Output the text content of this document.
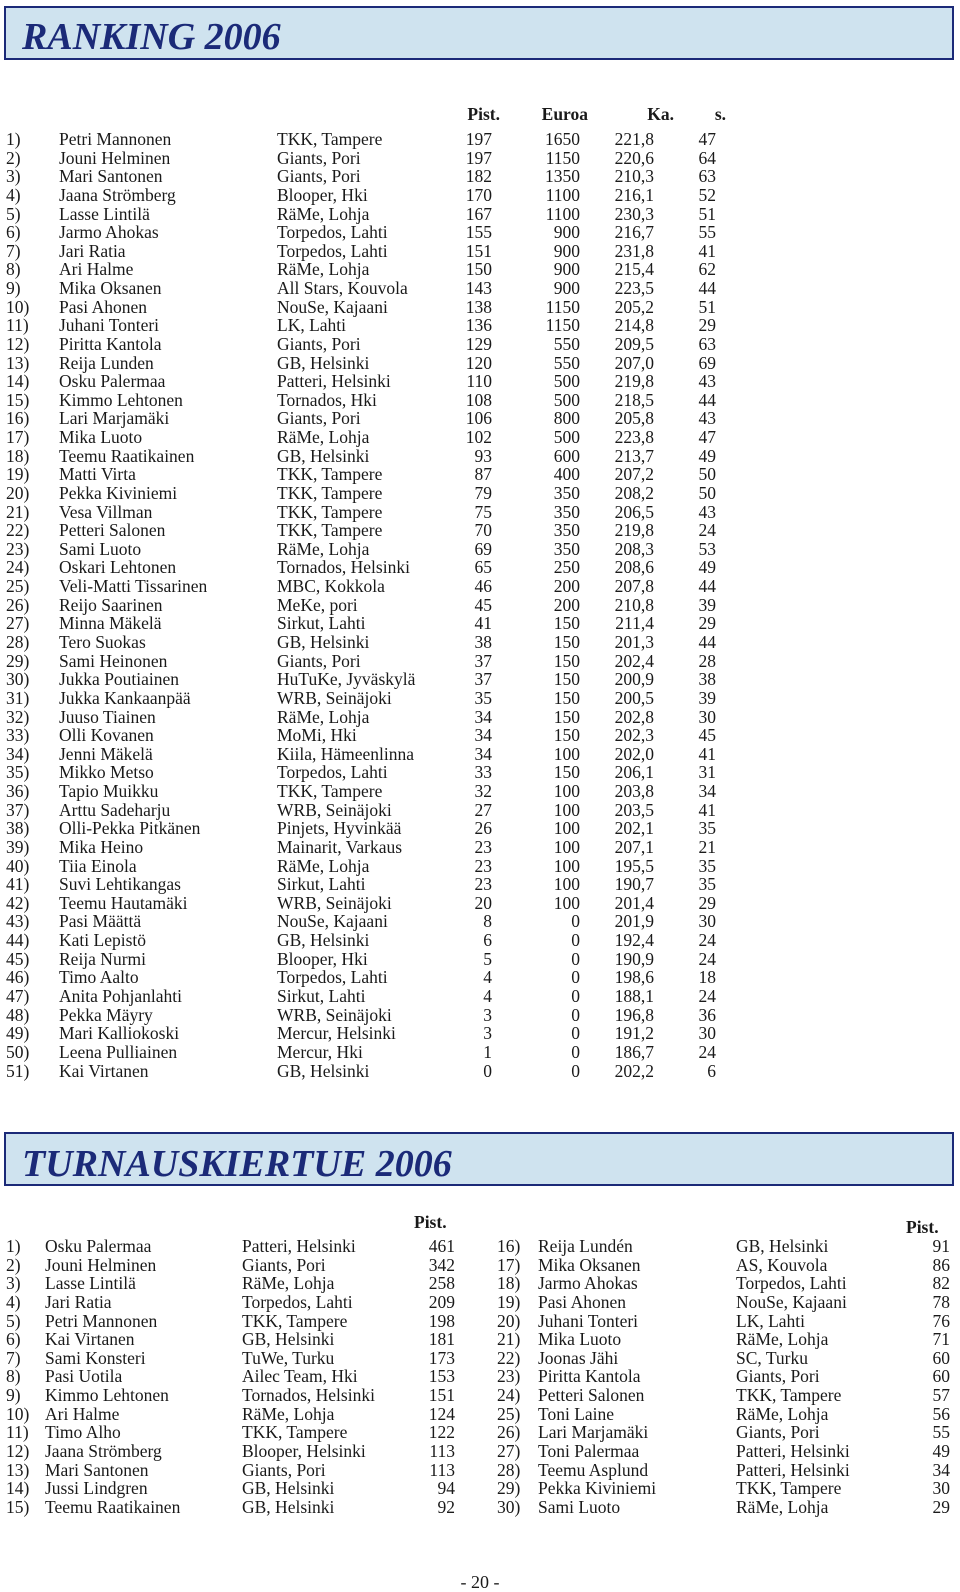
RANKING 2006
Pist. Euroa	Ka. s.
1) Petri Mannonen	TKK, Tampere	197	1650 221,8	47
2) Jouni Helminen	Giants, Pori	197	1150 220,6	64
3) Mari Santonen	Giants, Pori	182	1350 210,3	63
4) Jaana Strömberg	Blooper, Hki	170	1100 216,1	52
5) Lasse Lintilä	RäMe, Lohja	167	1100 230,3	51
6) Jarmo Ahokas	Torpedos, Lahti	155	900 216,7	55
7) Jari Ratia	Torpedos, Lahti	151	900 231,8	41
8) Ari Halme	RäMe, Lohja	150	900 215,4	62
9) Mika Oksanen	All Stars, Kouvola	143	900 223,5	44
10) Pasi Ahonen	NouSe, Kajaani	138	1150 205,2	51
11) Juhani Tonteri	LK, Lahti	136	1150 214,8	29
12) Piritta Kantola	Giants, Pori	129	550 209,5	63
13) Reija Lunden	GB, Helsinki	120	550 207,0	69
14) Osku Palermaa	Patteri, Helsinki	110	500 219,8	43
15) Kimmo Lehtonen	Tornados, Hki	108	500 218,5	44
16) Lari Marjamäki	Giants, Pori	106	800 205,8	43
17) Mika Luoto	RäMe, Lohja	102	500 223,8	47
18) Teemu Raatikainen	GB, Helsinki	93	600 213,7	49
19) Matti Virta	TKK, Tampere	87	400 207,2	50
20) Pekka Kiviniemi	TKK, Tampere	79	350 208,2	50
21) Vesa Villman	TKK, Tampere	75	350 206,5	43
22) Petteri Salonen	TKK, Tampere	70	350 219,8	24
23) Sami Luoto	RäMe, Lohja	69	350 208,3	53
24) Oskari Lehtonen	Tornados, Helsinki	65	250 208,6	49
25) Veli-Matti Tissarinen	MBC, Kokkola	46	200 207,8	44
26) Reijo Saarinen	MeKe, pori	45	200 210,8	39
27) Minna Mäkelä	Sirkut, Lahti	41	150 211,4	29
28) Tero Suokas	GB, Helsinki	38	150 201,3	44
29) Sami Heinonen	Giants, Pori	37	150 202,4	28
30) Jukka Poutiainen	HuTuKe, Jyväskylä	37	150 200,9	38
31) Jukka Kankaanpää	WRB, Seinäjoki	35	150 200,5	39
32) Juuso Tiainen	RäMe, Lohja	34	150 202,8	30
33) Olli Kovanen	MoMi, Hki	34	150 202,3	45
34) Jenni Mäkelä	Kiila, Hämeenlinna	34	100 202,0	41
35) Mikko Metso	Torpedos, Lahti	33	150 206,1	31
36) Tapio Muikku	TKK, Tampere	32	100 203,8	34
37) Arttu Sadeharju	WRB, Seinäjoki	27	100 203,5	41
38) Olli-Pekka Pitkänen	Pinjets, Hyvinkää	26	100 202,1	35
39) Mika Heino	Mainarit, Varkaus	23	100 207,1	21
40) Tiia Einola	RäMe, Lohja	23	100 195,5	35
41) Suvi Lehtikangas	Sirkut, Lahti	23	100 190,7	35
42) Teemu Hautamäki	WRB, Seinäjoki	20	100 201,4	29
43) Pasi Määttä	NouSe, Kajaani	8	0 201,9	30
44) Kati Lepistö	GB, Helsinki	6	0 192,4	24
45) Reija Nurmi	Blooper, Hki	5	0 190,9	24
46) Timo Aalto	Torpedos, Lahti	4	0 198,6	18
47) Anita Pohjanlahti	Sirkut, Lahti	4	0 188,1	24
48) Pekka Mäyry	WRB, Seinäjoki	3	0 196,8	36
49) Mari Kalliokoski	Mercur, Helsinki	3	0 191,2	30
50) Leena Pulliainen	Mercur, Hki	1	0 186,7	24
51) Kai Virtanen	GB, Helsinki	0	0 202,2	6
TURNAUSKIERTUE 2006
Pist.	Pist.
1) Osku Palermaa	Patteri, Helsinki	461
2) Jouni Helminen	Giants, Pori	342
3) Lasse Lintilä	RäMe, Lohja	258
4) Jari Ratia	Torpedos, Lahti	209
5) Petri Mannonen	TKK, Tampere	198
6) Kai Virtanen	GB, Helsinki	181
7) Sami Konsteri	TuWe, Turku	173
8) Pasi Uotila	Ailec Team, Hki	153
9) Kimmo Lehtonen	Tornados, Helsinki	151
10) Ari Halme	RäMe, Lohja	124
11) Timo Alho	TKK, Tampere	122
12) Jaana Strömberg	Blooper, Helsinki	113
13) Mari Santonen	Giants, Pori	113
14) Jussi Lindgren	GB, Helsinki	94
15) Teemu Raatikainen	GB, Helsinki	92
16) Reija Lundén	GB, Helsinki	91
17) Mika Oksanen	AS, Kouvola	86
18) Jarmo Ahokas	Torpedos, Lahti	82
19) Pasi Ahonen	NouSe, Kajaani	78
20) Juhani Tonteri	LK, Lahti	76
21) Mika Luoto	RäMe, Lohja	71
22) Joonas Jähi	SC, Turku	60
23) Piritta Kantola	Giants, Pori	60
24) Petteri Salonen	TKK, Tampere	57
25) Toni Laine	RäMe, Lohja	56
26) Lari Marjamäki	Giants, Pori	55
27) Toni Palermaa	Patteri, Helsinki	49
28) Teemu Asplund	Patteri, Helsinki	34
29) Pekka Kiviniemi	TKK, Tampere	30
30) Sami Luoto	RäMe, Lohja	29
- 20 -
